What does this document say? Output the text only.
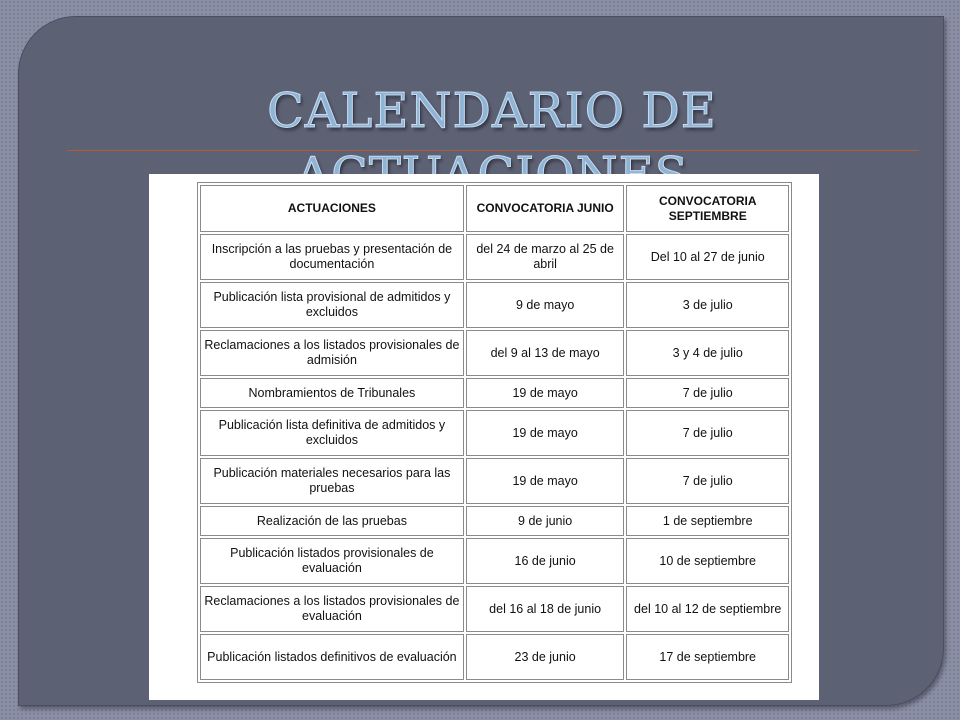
CALENDARIO DE
ACTUACIONES	CONVOCATORIA JUNIO	CONVOCATORIA SEPTIEMBRE
Inscripción a las pruebas y presentación de documentación	del 24 de marzo al 25 de abril	Del 10 al 27 de junio
Publicación lista provisional de admitidos y excluidos	9 de mayo	3 de julio
Reclamaciones a los listados provisionales de admisión	del 9 al 13 de mayo	3 y 4 de julio
Nombramientos de Tribunales	19 de mayo	7 de julio
Publicación lista definitiva de admitidos y excluidos	19 de mayo	7 de julio
Publicación materiales necesarios para las pruebas	19 de mayo	7 de julio
Realización de las pruebas	9 de junio	1 de septiembre
Publicación listados provisionales de evaluación	16 de junio	10 de septiembre
Reclamaciones a los listados provisionales de evaluación	del 16 al 18 de junio	del 10 al 12 de septiembre
Publicación listados definitivos de evaluación	23 de junio	17 de septiembre
